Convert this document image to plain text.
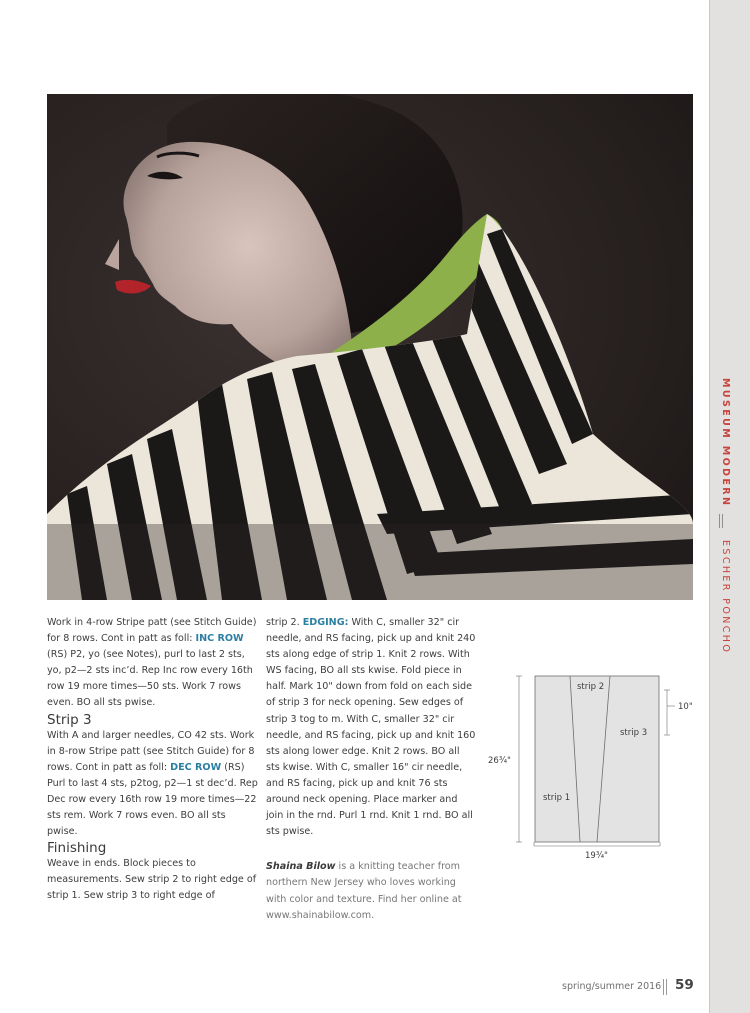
MUSEUM MODERN
ESCHER PONCHO

Work in 4-row Stripe patt (see Stitch Guide) for 8 rows. Cont in patt as foll: INC ROW (RS) P2, yo (see Notes), purl to last 2 sts, yo, p2—2 sts inc’d. Rep Inc row every 16th row 19 more times—50 sts. Work 7 rows even. BO all sts pwise.

Strip 3

With A and larger needles, CO 42 sts. Work in 8-row Stripe patt (see Stitch Guide) for 8 rows. Cont in patt as foll: DEC ROW (RS) Purl to last 4 sts, p2tog, p2—1 st dec’d. Rep Dec row every 16th row 19 more times—22 sts rem. Work 7 rows even. BO all sts pwise.

Finishing

Weave in ends. Block pieces to measurements. Sew strip 2 to right edge of strip 1. Sew strip 3 to right edge of

strip 2. EDGING: With C, smaller 32" cir needle, and RS facing, pick up and knit 240 sts along edge of strip 1. Knit 2 rows. With WS facing, BO all sts kwise. Fold piece in half. Mark 10" down from fold on each side of strip 3 for neck opening. Sew edges of strip 3 tog to m. With C, smaller 32" cir needle, and RS facing, pick up and knit 160 sts along lower edge. Knit 2 rows. BO all sts kwise. With C, smaller 16" cir needle, and RS facing, pick up and knit 76 sts around neck opening. Place marker and join in the rnd. Purl 1 rnd. Knit 1 rnd. BO all sts pwise.

Shaina Bilow is a knitting teacher from northern New Jersey who loves working with color and texture. Find her online at www.shainabilow.com.

strip 2
strip 3
strip 1
26¾"
10"
19¾"
spring/summer 2016 59
